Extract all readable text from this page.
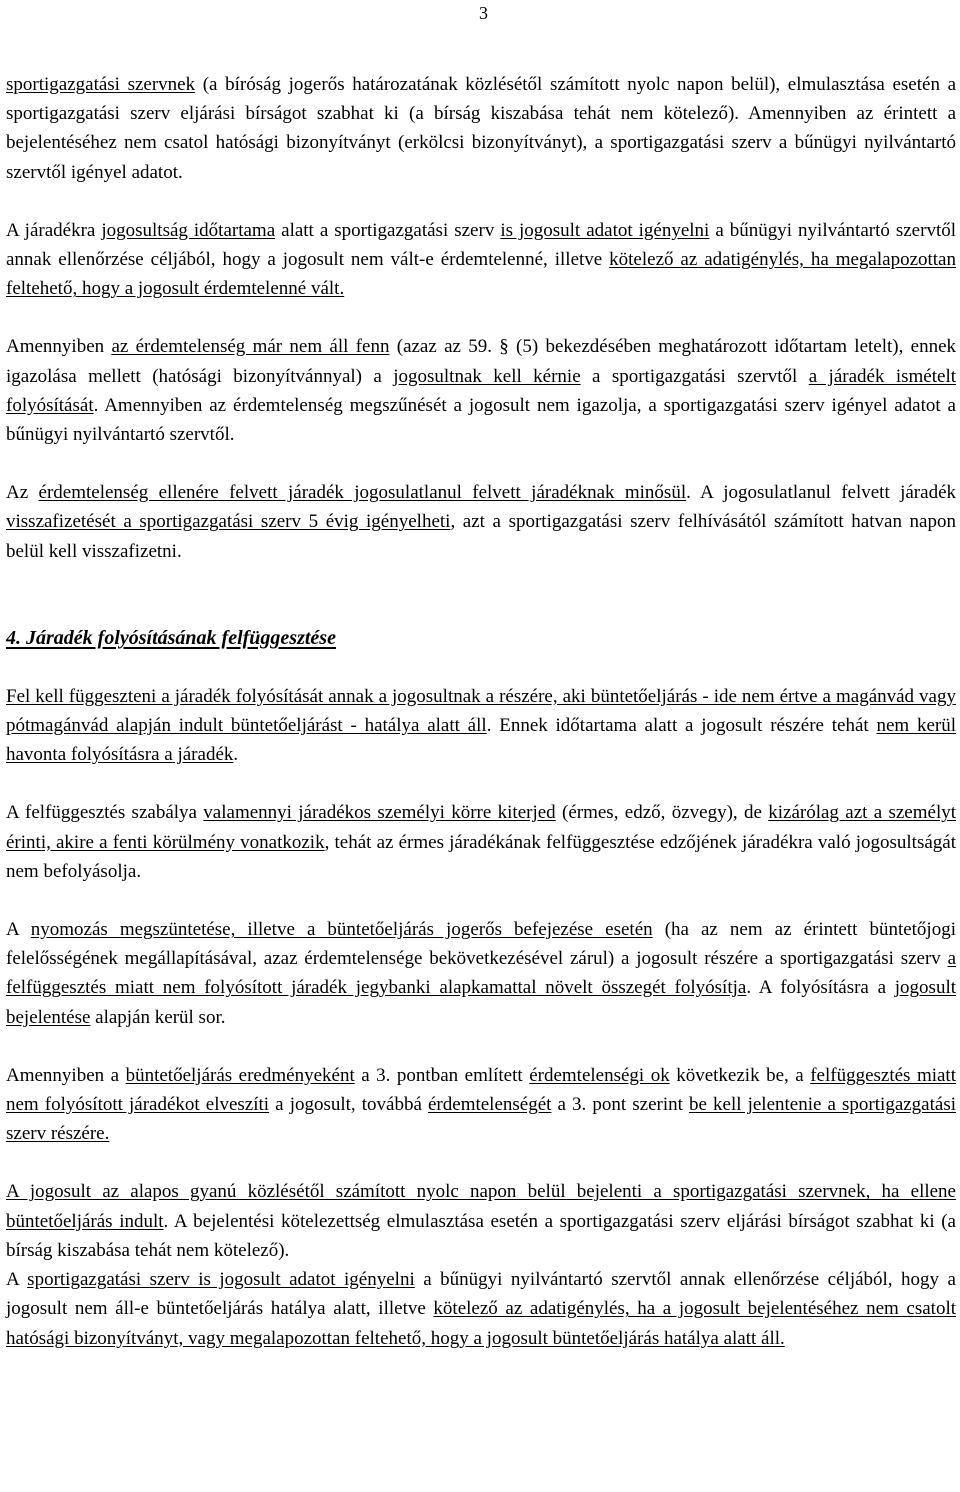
3

sportigazgatási szervnek (a bíróság jogerős határozatának közlésétől számított nyolc napon belül), elmulasztása esetén a sportigazgatási szerv eljárási bírságot szabhat ki (a bírság kiszabása tehát nem kötelező). Amennyiben az érintett a bejelentéséhez nem csatol hatósági bizonyítványt (erkölcsi bizonyítványt), a sportigazgatási szerv a bűnügyi nyilvántartó szervtől igényel adatot.

A járadékra jogosultság időtartama alatt a sportigazgatási szerv is jogosult adatot igényelni a bűnügyi nyilvántartó szervtől annak ellenőrzése céljából, hogy a jogosult nem vált-e érdemtelenné, illetve kötelező az adatigénylés, ha megalapozottan feltehető, hogy a jogosult érdemtelenné vált.

Amennyiben az érdemtelenség már nem áll fenn (azaz az 59. § (5) bekezdésében meghatározott időtartam letelt), ennek igazolása mellett (hatósági bizonyítvánnyal) a jogosultnak kell kérnie a sportigazgatási szervtől a járadék ismételt folyósítását. Amennyiben az érdemtelenség megszűnését a jogosult nem igazolja, a sportigazgatási szerv igényel adatot a bűnügyi nyilvántartó szervtől.

Az érdemtelenség ellenére felvett járadék jogosulatlanul felvett járadéknak minősül. A jogosulatlanul felvett járadék visszafizetését a sportigazgatási szerv 5 évig igényelheti, azt a sportigazgatási szerv felhívásától számított hatvan napon belül kell visszafizetni.

4. Járadék folyósításának felfüggesztése

Fel kell függeszteni a járadék folyósítását annak a jogosultnak a részére, aki büntetőeljárás - ide nem értve a magánvád vagy pótmagánvád alapján indult büntetőeljárást - hatálya alatt áll. Ennek időtartama alatt a jogosult részére tehát nem kerül havonta folyósításra a járadék.

A felfüggesztés szabálya valamennyi járadékos személyi körre kiterjed (érmes, edző, özvegy), de kizárólag azt a személyt érinti, akire a fenti körülmény vonatkozik, tehát az érmes járadékának felfüggesztése edzőjének járadékra való jogosultságát nem befolyásolja.

A nyomozás megszüntetése, illetve a büntetőeljárás jogerős befejezése esetén (ha az nem az érintett büntetőjogi felelősségének megállapításával, azaz érdemtelensége bekövetkezésével zárul) a jogosult részére a sportigazgatási szerv a felfüggesztés miatt nem folyósított járadék jegybanki alapkamattal növelt összegét folyósítja. A folyósításra a jogosult bejelentése alapján kerül sor.

Amennyiben a büntetőeljárás eredményeként a 3. pontban említett érdemtelenségi ok következik be, a felfüggesztés miatt nem folyósított járadékot elveszíti a jogosult, továbbá érdemtelenségét a 3. pont szerint be kell jelentenie a sportigazgatási szerv részére.

A jogosult az alapos gyanú közlésétől számított nyolc napon belül bejelenti a sportigazgatási szervnek, ha ellene büntetőeljárás indult. A bejelentési kötelezettség elmulasztása esetén a sportigazgatási szerv eljárási bírságot szabhat ki (a bírság kiszabása tehát nem kötelező).

A sportigazgatási szerv is jogosult adatot igényelni a bűnügyi nyilvántartó szervtől annak ellenőrzése céljából, hogy a jogosult nem áll-e büntetőeljárás hatálya alatt, illetve kötelező az adatigénylés, ha a jogosult bejelentéséhez nem csatolt hatósági bizonyítványt, vagy megalapozottan feltehető, hogy a jogosult büntetőeljárás hatálya alatt áll.
